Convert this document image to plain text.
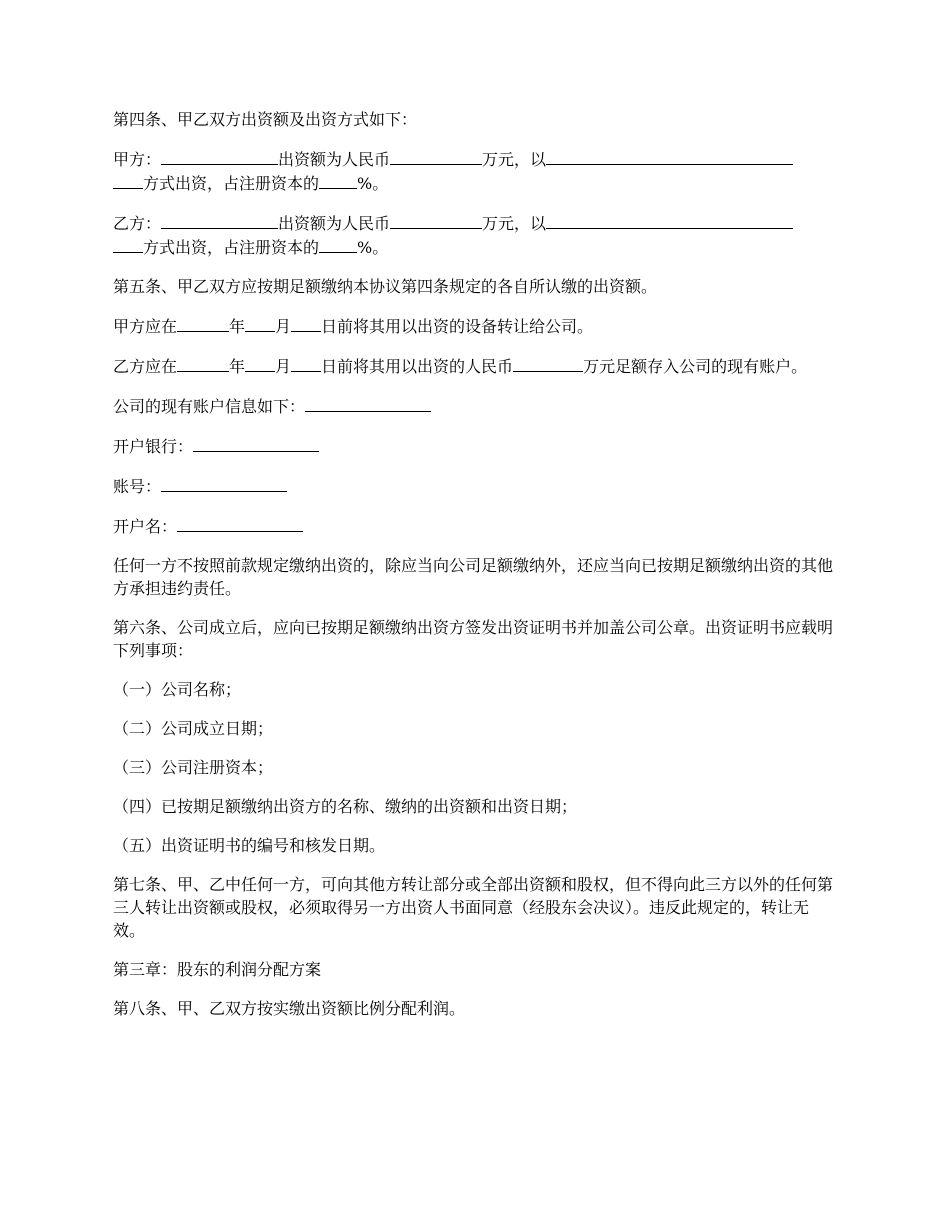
第四条、甲乙双方出资额及出资方式如下：

甲方：	出资额为人民币	万元，以
方式出资，占注册资本的 %。

乙方：	出资额为人民币	万元，以
方式出资，占注册资本的 %。

第五条、甲乙双方应按期足额缴纳本协议第四条规定的各自所认缴的出资额。

甲方应在	年 月 日前将其用以出资的设备转让给公司。

乙方应在	年 月 日前将其用以出资的人民币	万元足额存入公司的现有账户。

公司的现有账户信息如下：

开户银行：

账号：

开户名：

任何一方不按照前款规定缴纳出资的，除应当向公司足额缴纳外，还应当向已按期足额缴纳出资的其他方承担违约责任。

第六条、公司成立后，应向已按期足额缴纳出资方签发出资证明书并加盖公司公章。出资证明书应载明下列事项：

（一）公司名称；

（二）公司成立日期；

（三）公司注册资本；

（四）已按期足额缴纳出资方的名称、缴纳的出资额和出资日期；

（五）出资证明书的编号和核发日期。

第七条、甲、乙中任何一方，可向其他方转让部分或全部出资额和股权，但不得向此三方以外的任何第三人转让出资额或股权，必须取得另一方出资人书面同意（经股东会决议）。违反此规定的，转让无效。

第三章：股东的利润分配方案

第八条、甲、乙双方按实缴出资额比例分配利润。
